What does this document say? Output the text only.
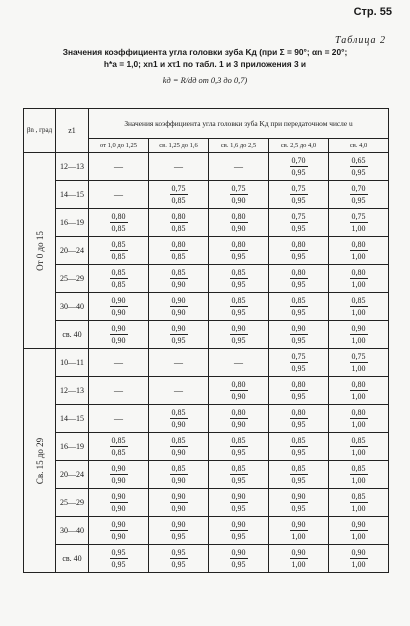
Стр. 55
Таблица 2
Значения коэффициента угла головки зуба Kд (при Σ = 90°; αn = 20°;
h*a = 1,0; xn1 и xτ1 по табл. 1 и 3 приложения 3 и
kд = R/dд от 0,3 до 0,7)
βn , град	z1	Значения коэффициента угла головки зуба Kд при передаточном числе u				
		от 1,0 до 1,25	св. 1,25 до 1,6	св. 1,6 до 2,5	св. 2,5 до 4,0	св. 4,0

От 0 до 15	12—13	—	—	—	$\frac{0,70}{0,95}$	$\frac{0,65}{0,95}$

	14—15	—	$\frac{0,75}{0,85}$	$\frac{0,75}{0,90}$	$\frac{0,75}{0,95}$	$\frac{0,70}{0,95}$

	16—19	$\frac{0,80}{0,85}$	$\frac{0,80}{0,85}$	$\frac{0,80}{0,90}$	$\frac{0,75}{0,95}$	$\frac{0,75}{1,00}$

	20—24	$\frac{0,85}{0,85}$	$\frac{0,80}{0,85}$	$\frac{0,80}{0,95}$	$\frac{0,80}{0,95}$	$\frac{0,80}{1,00}$

	25—29	$\frac{0,85}{0,85}$	$\frac{0,85}{0,90}$	$\frac{0,85}{0,95}$	$\frac{0,80}{0,95}$	$\frac{0,80}{1,00}$

	30—40	$\frac{0,90}{0,90}$	$\frac{0,90}{0,90}$	$\frac{0,85}{0,95}$	$\frac{0,85}{0,95}$	$\frac{0,85}{1,00}$

	св. 40	$\frac{0,90}{0,90}$	$\frac{0,90}{0,95}$	$\frac{0,90}{0,95}$	$\frac{0,90}{0,95}$	$\frac{0,90}{1,00}$

Св. 15 до 29	10—11	—	—	—	$\frac{0,75}{0,95}$	$\frac{0,75}{1,00}$

	12—13	—	—	$\frac{0,80}{0,90}$	$\frac{0,80}{0,95}$	$\frac{0,80}{1,00}$

	14—15	—	$\frac{0,85}{0,90}$	$\frac{0,80}{0,90}$	$\frac{0,80}{0,95}$	$\frac{0,80}{1,00}$

	16—19	$\frac{0,85}{0,85}$	$\frac{0,85}{0,90}$	$\frac{0,85}{0,95}$	$\frac{0,85}{0,95}$	$\frac{0,85}{1,00}$

	20—24	$\frac{0,90}{0,90}$	$\frac{0,85}{0,90}$	$\frac{0,85}{0,95}$	$\frac{0,85}{0,95}$	$\frac{0,85}{1,00}$

	25—29	$\frac{0,90}{0,90}$	$\frac{0,90}{0,90}$	$\frac{0,90}{0,95}$	$\frac{0,90}{0,95}$	$\frac{0,85}{1,00}$

	30—40	$\frac{0,90}{0,90}$	$\frac{0,90}{0,95}$	$\frac{0,90}{0,95}$	$\frac{0,90}{1,00}$	$\frac{0,90}{1,00}$

	св. 40	$\frac{0,95}{0,95}$	$\frac{0,95}{0,95}$	$\frac{0,90}{0,95}$	$\frac{0,90}{1,00}$	$\frac{0,90}{1,00}$
